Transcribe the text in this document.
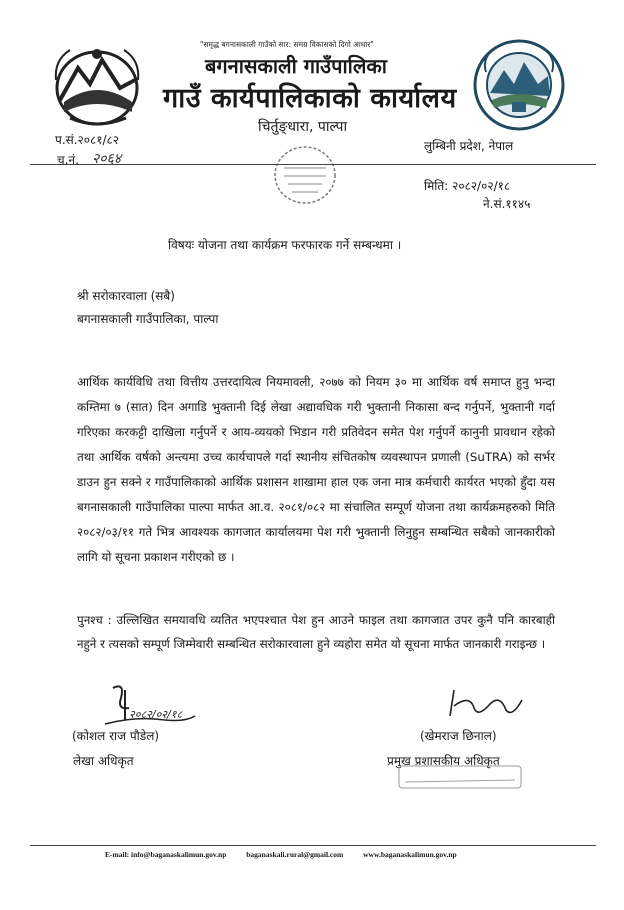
"समृद्ध बगनासकाली गाउँको सार: समग्र विकासको दिगो आधार"
बगनासकाली गाउँपालिका
गाउँ कार्यपालिकाको कार्यालय
चिर्तुङ्धारा, पाल्पा
लुम्बिनी प्रदेश, नेपाल
प.सं.२०८१/८२
च.नं. २०६४
मिति: २०८२/०२/१८
ने.सं.११४५
विषयः योजना तथा कार्यक्रम फरफारक गर्ने सम्बन्धमा ।
श्री सरोकारवाला (सबै)
बगनासकाली गाउँपालिका, पाल्पा
आर्थिक कार्यविधि तथा वित्तीय उत्तरदायित्व नियमावली, २०७७ को नियम ३० मा आर्थिक वर्ष समाप्त हुनु भन्दा कम्तिमा ७ (सात) दिन अगाडि भुक्तानी दिई लेखा अद्यावधिक गरी भुक्तानी निकासा बन्द गर्नुपर्ने, भुक्तानी गर्दा गरिएका करकट्टी दाखिला गर्नुपर्ने र आय-व्ययको भिडान गरी प्रतिवेदन समेत पेश गर्नुपर्ने कानुनी प्रावधान रहेको तथा आर्थिक वर्षको अन्त्यमा उच्च कार्यचापले गर्दा स्थानीय संचितकोष व्यवस्थापन प्रणाली (SuTRA) को सर्भर डाउन हुन सक्ने र गाउँपालिकाको आर्थिक प्रशासन शाखामा हाल एक जना मात्र कर्मचारी कार्यरत भएको हुँदा यस बगनासकाली गाउँपालिका पाल्पा मार्फत आ.व. २०८१/०८२ मा संचालित सम्पूर्ण योजना तथा कार्यक्रमहरुको मिति २०८२/०३/११ गते भित्र आवश्यक कागजात कार्यालयमा पेश गरी भुक्तानी लिनुहुन सम्बन्धित सबैको जानकारीको लागि यो सूचना प्रकाशन गरीएको छ ।
पुनश्च : उल्लिखित समयावधि व्यतित भएपश्चात पेश हुन आउने फाइल तथा कागजात उपर कुनै पनि कारबाही नहुने र त्यसको सम्पूर्ण जिम्मेवारी सम्बन्धित सरोकारवाला हुने व्यहोरा समेत यो सूचना मार्फत जानकारी गराइन्छ ।
२०८२/०२/१८
(कोशल राज पौडेल)
लेखा अधिकृत
(खेमराज छिनाल)
प्रमुख प्रशासकीय अधिकृत
E-mail: info@baganaskalimun.gov.np	baganaskali.rural@gmail.com	www.baganaskalimun.gov.np
